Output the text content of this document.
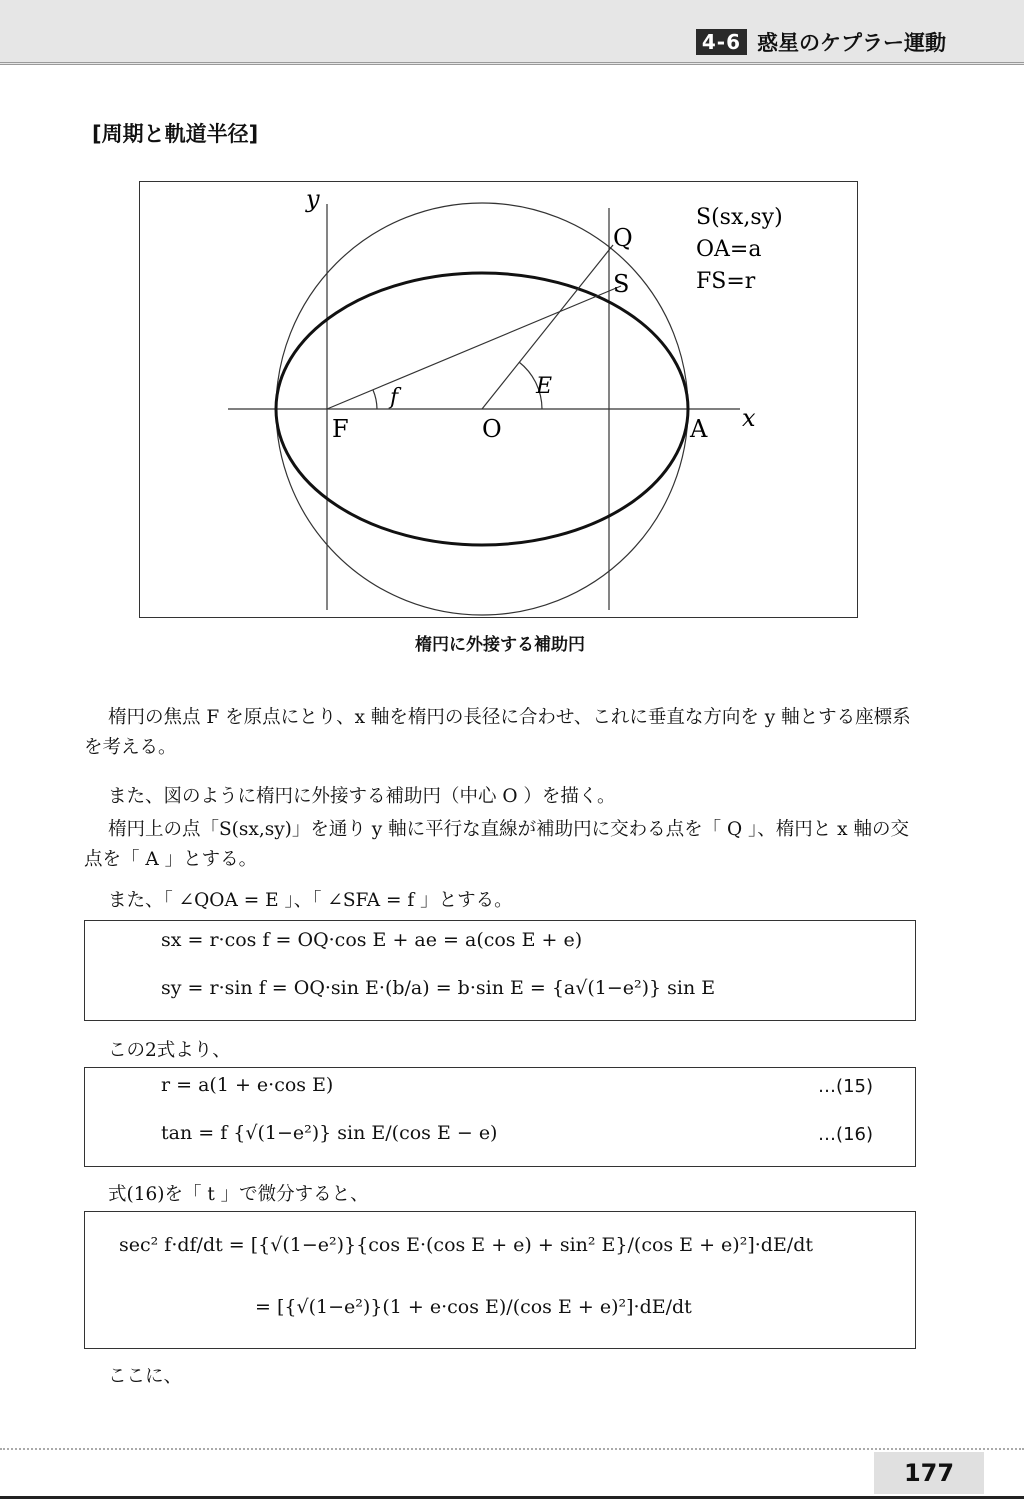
4-6 惑星のケプラー運動
[周期と軌道半径]
y
x
Q
S
F	O	A
f	E
S(sx,sy)
OA=a
FS=r
楕円に外接する補助円
楕円の焦点 F を原点にとり、x 軸を楕円の長径に合わせ、これに垂直な方向を y 軸とする座標系を考える。
また、図のように楕円に外接する補助円（中心 O ）を描く。
楕円上の点「S(sx,sy)」を通り y 軸に平行な直線が補助円に交わる点を「 Q 」、楕円と x 軸の交点を「 A 」とする。
また、「 ∠QOA = E 」、「 ∠SFA = f 」とする。
sx = r·cos f = OQ·cos E + ae = a(cos E + e)
sy = r·sin f = OQ·sin E·(b/a) = b·sin E = {a√(1−e²)} sin E
この2式より、
r = a(1 + e·cos E)	…(15)
tan = f {√(1−e²)} sin E/(cos E − e)	…(16)
式(16)を「 t 」で微分すると、
sec² f·df/dt = [{√(1−e²)}{cos E·(cos E + e) + sin² E}/(cos E + e)²]·dE/dt
= [{√(1−e²)}(1 + e·cos E)/(cos E + e)²]·dE/dt
ここに、
177
